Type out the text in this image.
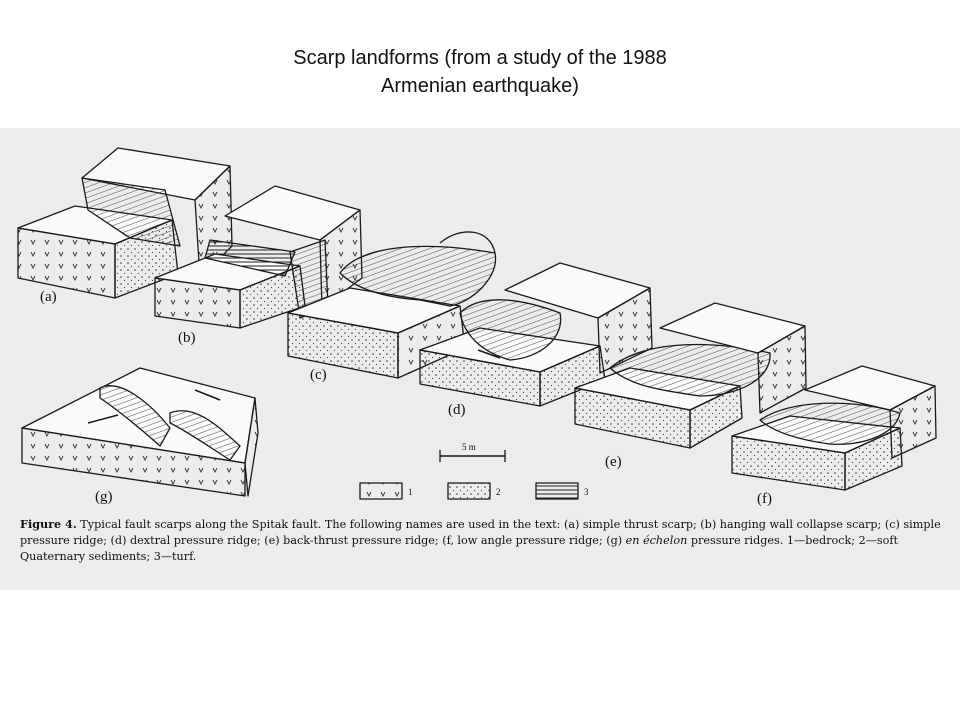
Scarp landforms (from a study of the 1988
Armenian earthquake)
(a)
(b)
(c)
(d)
(e)
(f)
(g)
5 m
1	2	3
Figure 4. Typical fault scarps along the Spitak fault. The following names are used in the text: (a) simple thrust scarp; (b) hanging wall collapse scarp; (c) simple pressure ridge; (d) dextral pressure ridge; (e) back-thrust pressure ridge; (f, low angle pressure ridge; (g) en échelon pressure ridges. 1—bedrock; 2—soft Quaternary sediments; 3—turf.
